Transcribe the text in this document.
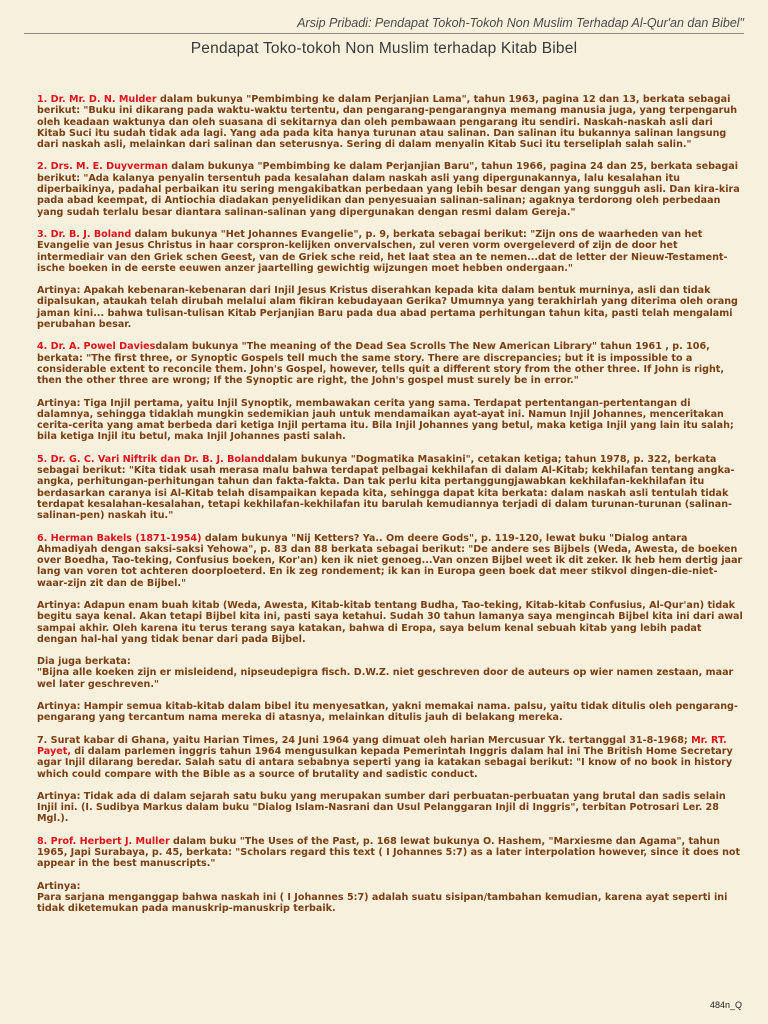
Arsip Pribadi: Pendapat Tokoh-Tokoh Non Muslim Terhadap Al-Qur'an dan Bibel"
Pendapat Toko-tokoh Non Muslim terhadap Kitab Bibel

1. Dr. Mr. D. N. Mulder dalam bukunya "Pembimbing ke dalam Perjanjian Lama", tahun 1963, pagina 12 dan 13, berkata sebagai berikut: "Buku ini dikarang pada waktu-waktu tertentu, dan pengarang-pengarangnya memang manusia juga, yang terpengaruh oleh keadaan waktunya dan oleh suasana di sekitarnya dan oleh pembawaan pengarang itu sendiri. Naskah-naskah asli dari Kitab Suci itu sudah tidak ada lagi. Yang ada pada kita hanya turunan atau salinan. Dan salinan itu bukannya salinan langsung dari naskah asli, melainkan dari salinan dan seterusnya. Sering di dalam menyalin Kitab Suci itu terseliplah salah salin."

2. Drs. M. E. Duyverman dalam bukunya "Pembimbing ke dalam Perjanjian Baru", tahun 1966, pagina 24 dan 25, berkata sebagai berikut: "Ada kalanya penyalin tersentuh pada kesalahan dalam naskah asli yang dipergunakannya, lalu kesalahan itu diperbaikinya, padahal perbaikan itu sering mengakibatkan perbedaan yang lebih besar dengan yang sungguh asli. Dan kira-kira pada abad keempat, di Antiochia diadakan penyelidikan dan penyesuaian salinan-salinan; agaknya terdorong oleh perbedaan yang sudah terlalu besar diantara salinan-salinan yang dipergunakan dengan resmi dalam Gereja."

3. Dr. B. J. Boland dalam bukunya "Het Johannes Evangelie", p. 9, berkata sebagai berikut: "Zijn ons de waarheden van het Evangelie van Jesus Christus in haar corspron-kelijken onvervalschen, zul veren vorm overgeleverd of zijn de door het intermediair van den Griek schen Geest, van de Griek sche reid, het laat stea an te nemen...dat de letter der Nieuw-Testament-ische boeken in de eerste eeuwen anzer jaartelling gewichtig wijzungen moet hebben ondergaan."

Artinya: Apakah kebenaran-kebenaran dari Injil Jesus Kristus diserahkan kepada kita dalam bentuk murninya, asli dan tidak dipalsukan, ataukah telah dirubah melalui alam fikiran kebudayaan Gerika? Umumnya yang terakhirlah yang diterima oleh orang jaman kini... bahwa tulisan-tulisan Kitab Perjanjian Baru pada dua abad pertama perhitungan tahun kita, pasti telah mengalami perubahan besar.

4. Dr. A. Powel Daviesdalam bukunya "The meaning of the Dead Sea Scrolls The New American Library" tahun 1961 , p. 106, berkata: "The first three, or Synoptic Gospels tell much the same story. There are discrepancies; but it is impossible to a considerable extent to reconcile them. John's Gospel, however, tells quit a different story from the other three. If John is right, then the other three are wrong; If the Synoptic are right, the John's gospel must surely be in error."

Artinya: Tiga Injil pertama, yaitu Injil Synoptik, membawakan cerita yang sama. Terdapat pertentangan-pertentangan di dalamnya, sehingga tidaklah mungkin sedemikian jauh untuk mendamaikan ayat-ayat ini. Namun Injil Johannes, menceritakan cerita-cerita yang amat berbeda dari ketiga Injil pertama itu. Bila Injil Johannes yang betul, maka ketiga Injil yang lain itu salah; bila ketiga Injil itu betul, maka Injil Johannes pasti salah.

5. Dr. G. C. Vari Niftrik dan Dr. B. J. Bolanddalam bukunya "Dogmatika Masakini", cetakan ketiga; tahun 1978, p. 322, berkata sebagai berikut: "Kita tidak usah merasa malu bahwa terdapat pelbagai kekhilafan di dalam Al-Kitab; kekhilafan tentang angka-angka, perhitungan-perhitungan tahun dan fakta-fakta. Dan tak perlu kita pertanggungjawabkan kekhilafan-kekhilafan itu berdasarkan caranya isi Al-Kitab telah disampaikan kepada kita, sehingga dapat kita berkata: dalam naskah asli tentulah tidak terdapat kesalahan-kesalahan, tetapi kekhilafan-kekhilafan itu barulah kemudiannya terjadi di dalam turunan-turunan (salinan-salinan-pen) naskah itu."

6. Herman Bakels (1871-1954) dalam bukunya "Nij Ketters? Ya.. Om deere Gods", p. 119-120, lewat buku "Dialog antara Ahmadiyah dengan saksi-saksi Yehowa", p. 83 dan 88 berkata sebagai berikut: "De andere ses Bijbels (Weda, Awesta, de boeken over Boedha, Tao-teking, Confusius boeken, Kor'an) ken ik niet genoeg...Van onzen Bijbel weet ik dit zeker. Ik heb hem dertig jaar lang van voren tot achteren doorploeterd. En ik zeg rondement; ik kan in Europa geen boek dat meer stikvol dingen-die-niet-waar-zijn zit dan de Bijbel."

Artinya: Adapun enam buah kitab (Weda, Awesta, Kitab-kitab tentang Budha, Tao-teking, Kitab-kitab Confusius, Al-Qur'an) tidak begitu saya kenal. Akan tetapi Bijbel kita ini, pasti saya ketahui. Sudah 30 tahun lamanya saya mengincah Bijbel kita ini dari awal sampai akhir. Oleh karena itu terus terang saya katakan, bahwa di Eropa, saya belum kenal sebuah kitab yang lebih padat dengan hal-hal yang tidak benar dari pada Bijbel.

Dia juga berkata:
"Bijna alle koeken zijn er misleidend, nipseudepigra fisch. D.W.Z. niet geschreven door de auteurs op wier namen zestaan, maar wel later geschreven."

Artinya: Hampir semua kitab-kitab dalam bibel itu menyesatkan, yakni memakai nama. palsu, yaitu tidak ditulis oleh pengarang-pengarang yang tercantum nama mereka di atasnya, melainkan ditulis jauh di belakang mereka.

7. Surat kabar di Ghana, yaitu Harian Times, 24 Juni 1964 yang dimuat oleh harian Mercusuar Yk. tertanggal 31-8-1968; Mr. RT. Payet, di dalam parlemen inggris tahun 1964 mengusulkan kepada Pemerintah Inggris dalam hal ini The British Home Secretary agar Injil dilarang beredar. Salah satu di antara sebabnya seperti yang ia katakan sebagai berikut: "I know of no book in history which could compare with the Bible as a source of brutality and sadistic conduct.

Artinya: Tidak ada di dalam sejarah satu buku yang merupakan sumber dari perbuatan-perbuatan yang brutal dan sadis selain Injil ini. (I. Sudibya Markus dalam buku "Dialog Islam-Nasrani dan Usul Pelanggaran Injil di Inggris", terbitan Potrosari Ler. 28 Mgl.).

8. Prof. Herbert J. Muller dalam buku "The Uses of the Past, p. 168 lewat bukunya O. Hashem, "Marxiesme dan Agama", tahun 1965, Japi Surabaya, p. 45, berkata: "Scholars regard this text ( I Johannes 5:7) as a later interpolation however, since it does not appear in the best manuscripts."

Artinya:
Para sarjana menganggap bahwa naskah ini ( I Johannes 5:7) adalah suatu sisipan/tambahan kemudian, karena ayat seperti ini tidak diketemukan pada manuskrip-manuskrip terbaik.

484n_Q
